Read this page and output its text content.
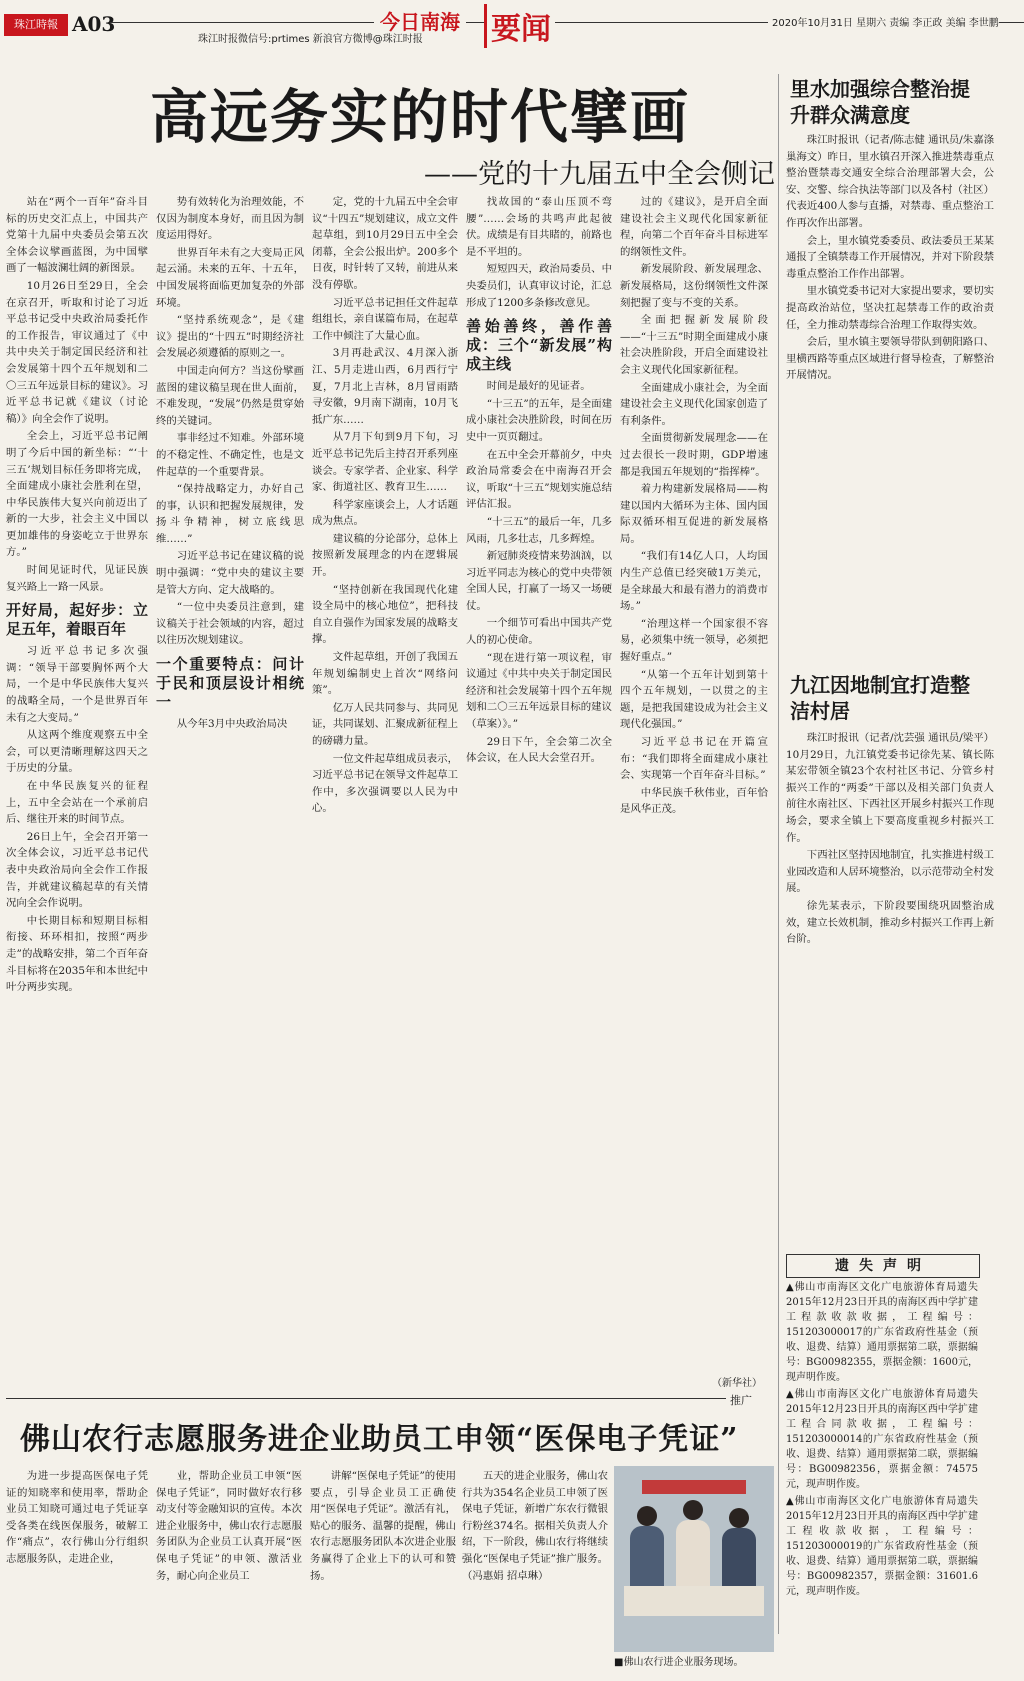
珠江時報 A03	今日南海 要闻
珠江时报微信号:prtimes 新浪官方微博@珠江时报
2020年10月31日 星期六 责编 李正政 美编 李世鹏
高远务实的时代擘画
——党的十九届五中全会侧记

站在“两个一百年”奋斗目标的历史交汇点上，中国共产党第十九届中央委员会第五次全体会议擘画蓝图，为中国擘画了一幅波澜壮阔的新图景。

10月26日至29日，全会在京召开，听取和讨论了习近平总书记受中央政治局委托作的工作报告，审议通过了《中共中央关于制定国民经济和社会发展第十四个五年规划和二〇三五年远景目标的建议》。习近平总书记就《建议（讨论稿）》向全会作了说明。

全会上，习近平总书记阐明了今后中国的新坐标：“‘十三五’规划目标任务即将完成，全面建成小康社会胜利在望，中华民族伟大复兴向前迈出了新的一大步，社会主义中国以更加雄伟的身姿屹立于世界东方。”

时间见证时代，见证民族复兴路上一路一风景。

开好局，起好步：立足五年，着眼百年

习近平总书记多次强调：“领导干部要胸怀两个大局，一个是中华民族伟大复兴的战略全局，一个是世界百年未有之大变局。”

从这两个维度观察五中全会，可以更清晰理解这四天之于历史的分量。

在中华民族复兴的征程上，五中全会站在一个承前启后、继往开来的时间节点。

26日上午，全会召开第一次全体会议，习近平总书记代表中央政治局向全会作工作报告，并就建议稿起草的有关情况向全会作说明。

中长期目标和短期目标相衔接、环环相扣，按照“两步走”的战略安排，第二个百年奋斗目标将在2035年和本世纪中叶分两步实现。

势有效转化为治理效能，不仅因为制度本身好，而且因为制度运用得好。

世界百年未有之大变局正风起云涌。未来的五年、十五年，中国发展将面临更加复杂的外部环境。

“坚持系统观念”，是《建议》提出的“十四五”时期经济社会发展必须遵循的原则之一。

中国走向何方？当这份擘画蓝图的建议稿呈现在世人面前，不难发现，“发展”仍然是贯穿始终的关键词。

事非经过不知难。外部环境的不稳定性、不确定性，也是文件起草的一个重要背景。

“保持战略定力，办好自己的事，认识和把握发展规律，发扬斗争精神，树立底线思维……”

习近平总书记在建议稿的说明中强调：“党中央的建议主要是管大方向、定大战略的。

“一位中央委员注意到，建议稿关于社会领域的内容，超过以往历次规划建议。

一个重要特点：问计于民和顶层设计相统一

从今年3月中央政治局决

定，党的十九届五中全会审议“十四五”规划建议，成立文件起草组，到10月29日五中全会闭幕，全会公报出炉。200多个日夜，时针转了又转，前进从来没有停歇。

习近平总书记担任文件起草组组长，亲自谋篇布局，在起草工作中倾注了大量心血。

3月再赴武汉、4月深入浙江、5月走进山西，6月西行宁夏，7月北上吉林，8月冒雨踏寻安徽，9月南下湖南，10月飞抵广东……

从7月下旬到9月下旬，习近平总书记先后主持召开系列座谈会。专家学者、企业家、科学家、街道社区、教育卫生……

科学家座谈会上，人才话题成为焦点。

建议稿的分论部分，总体上按照新发展理念的内在逻辑展开。

“坚持创新在我国现代化建设全局中的核心地位”，把科技自立自强作为国家发展的战略支撑。

文件起草组，开创了我国五年规划编制史上首次“网络问策”。

亿万人民共同参与、共同见证，共同谋划、汇聚成新征程上的磅礴力量。

一位文件起草组成员表示，习近平总书记在领导文件起草工作中，多次强调要以人民为中心。

找故国的“泰山压顶不弯腰”……会场的共鸣声此起彼伏。成绩是有目共睹的，前路也是不平坦的。

短短四天，政治局委员、中央委员们，认真审议讨论，汇总形成了1200多条修改意见。

善始善终，善作善成：三个“新发展”构成主线

时间是最好的见证者。

“十三五”的五年，是全面建成小康社会决胜阶段，时间在历史中一页页翻过。

在五中全会开幕前夕，中央政治局常委会在中南海召开会议，听取“十三五”规划实施总结评估汇报。

“十三五”的最后一年，几多风雨，几多壮志，几多辉煌。

新冠肺炎疫情来势汹汹，以习近平同志为核心的党中央带领全国人民，打赢了一场又一场硬仗。

一个细节可看出中国共产党人的初心使命。

“现在进行第一项议程，审议通过《中共中央关于制定国民经济和社会发展第十四个五年规划和二〇三五年远景目标的建议（草案）》。”

29日下午，全会第二次全体会议，在人民大会堂召开。

过的《建议》，是开启全面建设社会主义现代化国家新征程，向第二个百年奋斗目标进军的纲领性文件。

新发展阶段、新发展理念、新发展格局，这份纲领性文件深刻把握了变与不变的关系。

全面把握新发展阶段——“十三五”时期全面建成小康社会决胜阶段，开启全面建设社会主义现代化国家新征程。

全面建成小康社会，为全面建设社会主义现代化国家创造了有利条件。

全面贯彻新发展理念——在过去很长一段时期，GDP增速都是我国五年规划的“指挥棒”。

着力构建新发展格局——构建以国内大循环为主体、国内国际双循环相互促进的新发展格局。

“我们有14亿人口，人均国内生产总值已经突破1万美元，是全球最大和最有潜力的消费市场。”

“治理这样一个国家很不容易，必须集中统一领导，必须把握好重点。”

“从第一个五年计划到第十四个五年规划，一以贯之的主题，是把我国建设成为社会主义现代化强国。”

习近平总书记在开篇宣布：“我们即将全面建成小康社会、实现第一个百年奋斗目标。”

中华民族千秋伟业，百年恰是风华正茂。

（新华社）
里水加强综合整治提升群众满意度

珠江时报讯（记者/陈志健 通讯员/朱嘉涤 巢海文）昨日，里水镇召开深入推进禁毒重点整治暨禁毒交通安全综合治理部署大会，公安、交警、综合执法等部门以及各村（社区）代表近400人参与直播，对禁毒、重点整治工作再次作出部署。

会上，里水镇党委委员、政法委员王某某通报了全镇禁毒工作开展情况，并对下阶段禁毒重点整治工作作出部署。

里水镇党委书记对大家提出要求，要切实提高政治站位，坚决扛起禁毒工作的政治责任，全力推动禁毒综合治理工作取得实效。

会后，里水镇主要领导带队到朝阳路口、里横西路等重点区域进行督导检查，了解整治开展情况。

九江因地制宜打造整洁村居

珠江时报讯（记者/沈芸强 通讯员/梁平）10月29日，九江镇党委书记徐先某、镇长陈某宏带领全镇23个农村社区书记、分管乡村振兴工作的“两委”干部以及相关部门负责人前往水南社区、下西社区开展乡村振兴工作现场会，要求全镇上下要高度重视乡村振兴工作。

下西社区坚持因地制宜，扎实推进村级工业园改造和人居环境整治，以示范带动全村发展。

徐先某表示，下阶段要围绕巩固整治成效，建立长效机制，推动乡村振兴工作再上新台阶。

遗失声明

▲佛山市南海区文化广电旅游体育局遗失2015年12月23日开具的南海区西中学扩建工程款收款收据，工程编号：151203000017的广东省政府性基金（预收、退费、结算）通用票据第二联，票据编号：BG00982355，票据金额：1600元，现声明作废。

▲佛山市南海区文化广电旅游体育局遗失2015年12月23日开具的南海区西中学扩建工程合同款收据，工程编号：151203000014的广东省政府性基金（预收、退费、结算）通用票据第二联，票据编号：BG00982356，票据金额：74575元，现声明作废。

▲佛山市南海区文化广电旅游体育局遗失2015年12月23日开具的南海区西中学扩建工程收款收据，工程编号：151203000019的广东省政府性基金（预收、退费、结算）通用票据第二联，票据编号：BG00982357，票据金额：31601.6元，现声明作废。

推广
佛山农行志愿服务进企业助员工申领“医保电子凭证”

为进一步提高医保电子凭证的知晓率和使用率，帮助企业员工知晓可通过电子凭证享受各类在线医保服务，破解工作“痛点”，农行佛山分行组织志愿服务队，走进企业，

业，帮助企业员工申领“医保电子凭证”，同时做好农行移动支付等金融知识的宣传。本次进企业服务中，佛山农行志愿服务团队为企业员工认真开展“医保电子凭证”的申领、激活业务，耐心向企业员工

讲解“医保电子凭证”的使用要点，引导企业员工正确使用“医保电子凭证”。激活有礼，贴心的服务、温馨的提醒，佛山农行志愿服务团队本次进企业服务赢得了企业上下的认可和赞扬。

五天的进企业服务，佛山农行共为354名企业员工申领了医保电子凭证，新增广东农行微银行粉丝374名。据相关负责人介绍，下一阶段，佛山农行将继续强化“医保电子凭证”推广服务。（冯惠娟 招卓琳）

■佛山农行进企业服务现场。
